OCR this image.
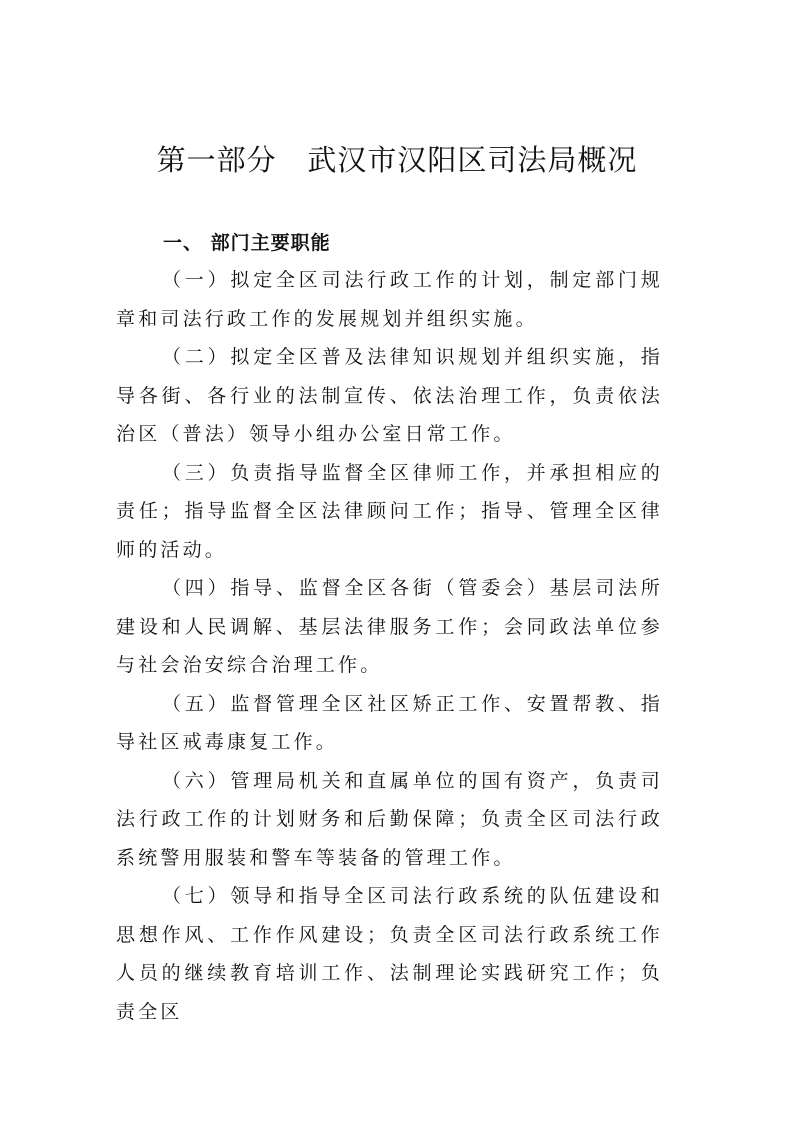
第一部分   武汉市汉阳区司法局概况
一、 部门主要职能

（一）拟定全区司法行政工作的计划，制定部门规章和司法行政工作的发展规划并组织实施。

（二）拟定全区普及法律知识规划并组织实施，指导各街、各行业的法制宣传、依法治理工作，负责依法治区（普法）领导小组办公室日常工作。

（三）负责指导监督全区律师工作，并承担相应的责任；指导监督全区法律顾问工作；指导、管理全区律师的活动。

（四）指导、监督全区各街（管委会）基层司法所建设和人民调解、基层法律服务工作；会同政法单位参与社会治安综合治理工作。

（五）监督管理全区社区矫正工作、安置帮教、指导社区戒毒康复工作。

（六）管理局机关和直属单位的国有资产，负责司法行政工作的计划财务和后勤保障；负责全区司法行政系统警用服装和警车等装备的管理工作。

（七）领导和指导全区司法行政系统的队伍建设和思想作风、工作作风建设；负责全区司法行政系统工作人员的继续教育培训工作、法制理论实践研究工作；负责全区
